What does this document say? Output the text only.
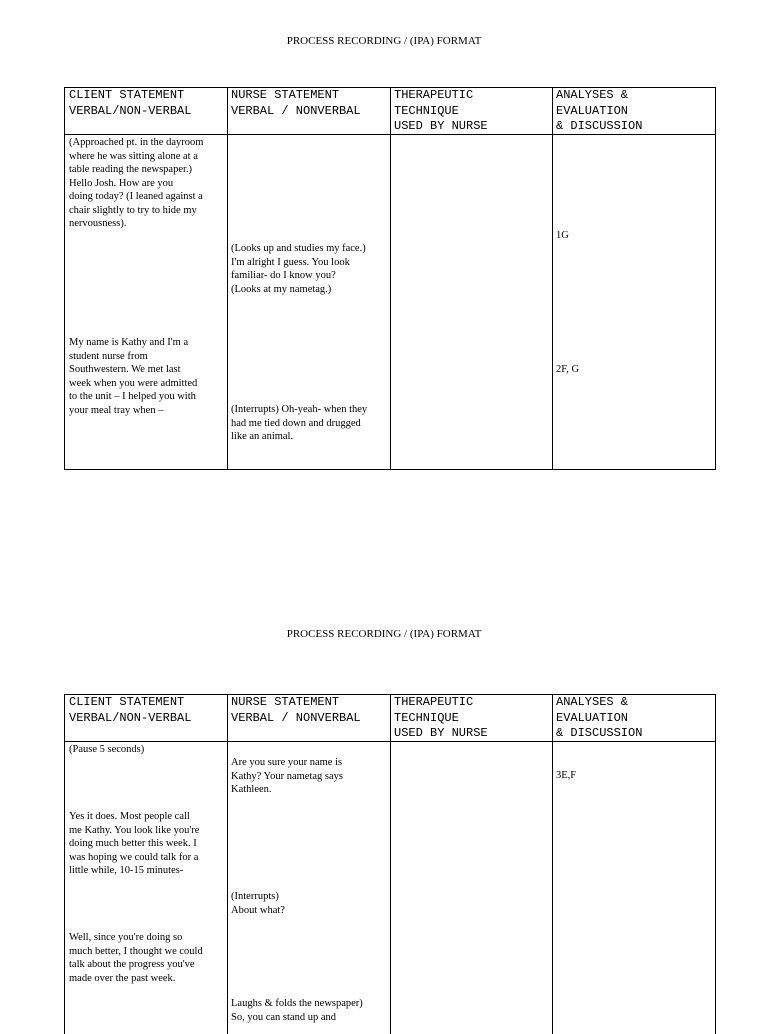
PROCESS RECORDING / (IPA) FORMAT
CLIENT STATEMENT
VERBAL/NON-VERBAL
NURSE STATEMENT
VERBAL / NONVERBAL
THERAPEUTIC
TECHNIQUE
USED BY NURSE
ANALYSES &
EVALUATION
& DISCUSSION
(Approached pt. in the dayroom
where he was sitting alone at a
table reading the newspaper.)
Hello Josh. How are you
doing today? (I leaned against a
chair slightly to try to hide my
nervousness).
(Looks up and studies my face.)
I'm alright I guess. You look
familiar- do I know you?
(Looks at my nametag.)
1G
My name is Kathy and I'm a
student nurse from
Southwestern. We met last
week when you were admitted
to the unit – I helped you with
your meal tray when –
2F, G
(Interrupts) Oh-yeah- when they
had me tied down and drugged
like an animal.
PROCESS RECORDING / (IPA) FORMAT
CLIENT STATEMENT
VERBAL/NON-VERBAL
NURSE STATEMENT
VERBAL / NONVERBAL
THERAPEUTIC
TECHNIQUE
USED BY NURSE
ANALYSES &
EVALUATION
& DISCUSSION
(Pause 5 seconds)
Are you sure your name is
Kathy? Your nametag says
Kathleen.
3E,F
Yes it does. Most people call
me Kathy. You look like you're
doing much better this week. I
was hoping we could talk for a
little while, 10-15 minutes-
(Interrupts)
About what?
Well, since you're doing so
much better, I thought we could
talk about the progress you've
made over the past week.
Laughs & folds the newspaper)
So, you can stand up and
